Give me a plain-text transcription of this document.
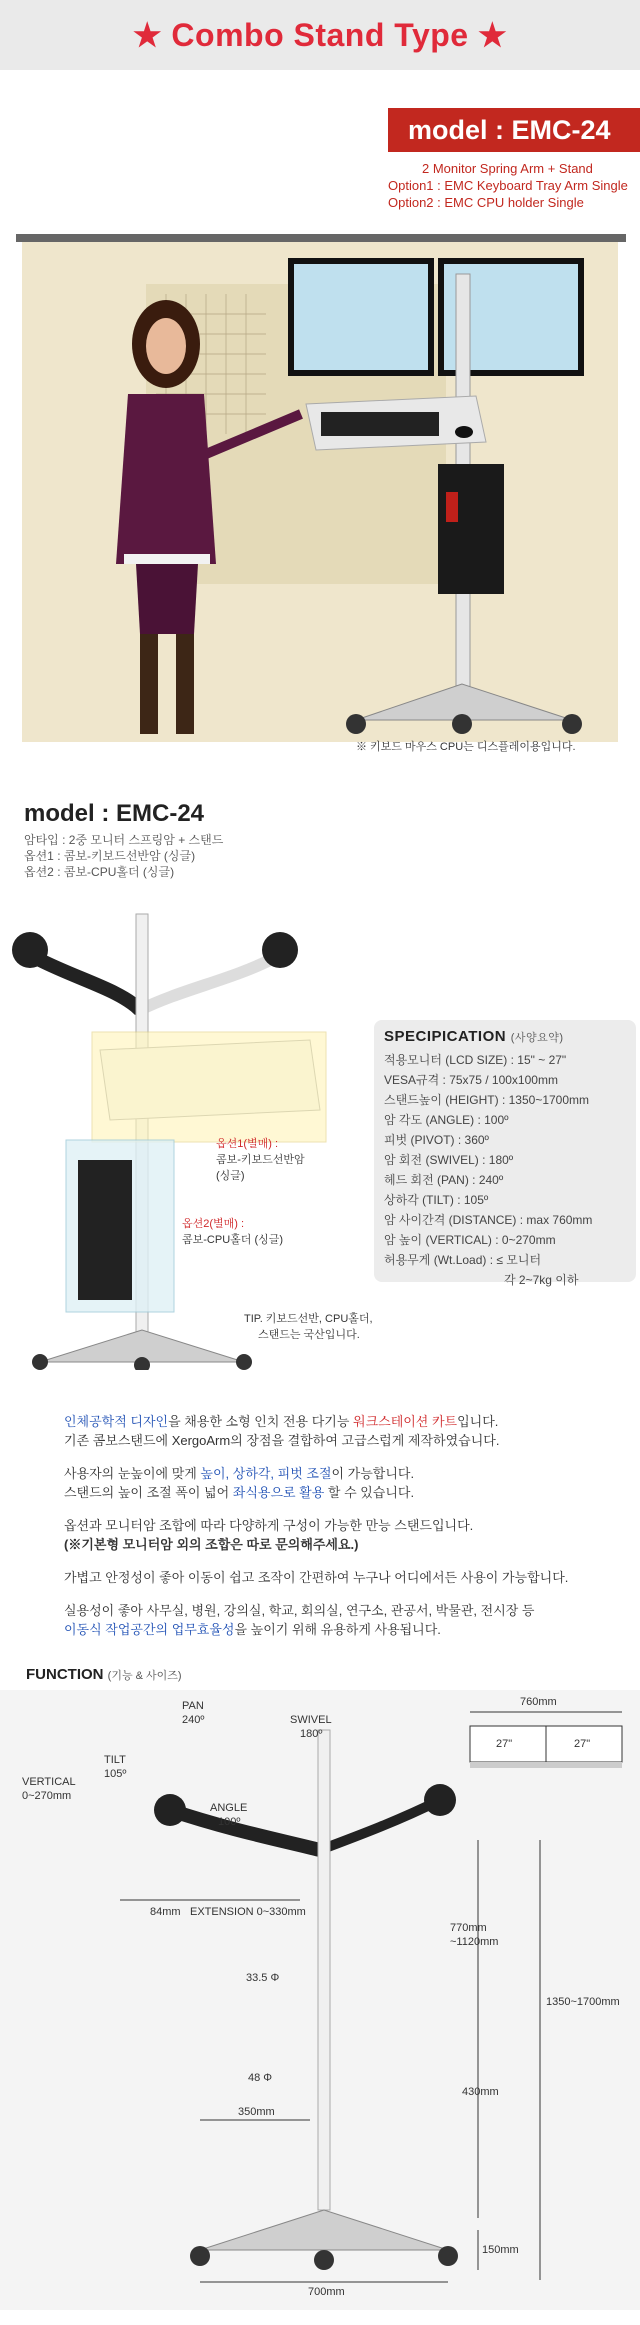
★ Combo Stand Type ★
model : EMC-24
2 Monitor Spring Arm + Stand
Option1 : EMC Keyboard Tray Arm Single
Option2 : EMC CPU holder Single
※ 키보드 마우스 CPU는 디스플레이용입니다.
model : EMC-24
암타입 : 2중 모니터 스프링암 + 스탠드
옵션1 : 콤보-키보드선반암 (싱글)
옵션2 : 콤보-CPU홀더 (싱글)
옵션1(별매) :
콤보-키보드선반암
(싱글)
옵션2(별매) :
콤보-CPU홀더 (싱글)
TIP. 키보드선반, CPU홀더,
스탠드는 국산입니다.
SPECIPICATION (사양요약)
적용모니터 (LCD SIZE) : 15" ~ 27"
VESA규격 : 75x75 / 100x100mm
스탠드높이 (HEIGHT) : 1350~1700mm
암 각도 (ANGLE) : 100º
피벗 (PIVOT) : 360º
암 회전 (SWIVEL) : 180º
헤드 회전 (PAN) : 240º
상하각 (TILT) : 105º
암 사이간격 (DISTANCE) : max 760mm
암 높이 (VERTICAL) : 0~270mm
허용무게 (Wt.Load) : ≤ 모니터
각 2~7kg 이하

인체공학적 디자인을 채용한 소형 인치 전용 다기능 워크스테이션 카트입니다.

기존 콤보스탠드에 XergoArm의 장점을 결합하여 고급스럽게 제작하였습니다.

사용자의 눈높이에 맞게 높이, 상하각, 피벗 조절이 가능합니다.

스탠드의 높이 조절 폭이 넓어 좌식용으로 활용 할 수 있습니다.

옵션과 모니터암 조합에 따라 다양하게 구성이 가능한 만능 스탠드입니다.

(※기본형 모니터암 외의 조합은 따로 문의해주세요.)

가볍고 안정성이 좋아 이동이 쉽고 조작이 간편하여 누구나 어디에서든 사용이 가능합니다.

실용성이 좋아 사무실, 병원, 강의실, 학교, 회의실, 연구소, 관공서, 박물관, 전시장 등

이동식 작업공간의 업무효율성을 높이기 위해 유용하게 사용됩니다.

FUNCTION (기능 & 사이즈)
PAN
240º	SWIVEL
180º
TILT
105º
VERTICAL
0~270mm
ANGLE
100º
84mm EXTENSION 0~330mm
760mm
27"	27"
770mm
~1120mm
33.5 Φ
48 Φ
430mm
1350~1700mm
350mm
150mm
700mm
